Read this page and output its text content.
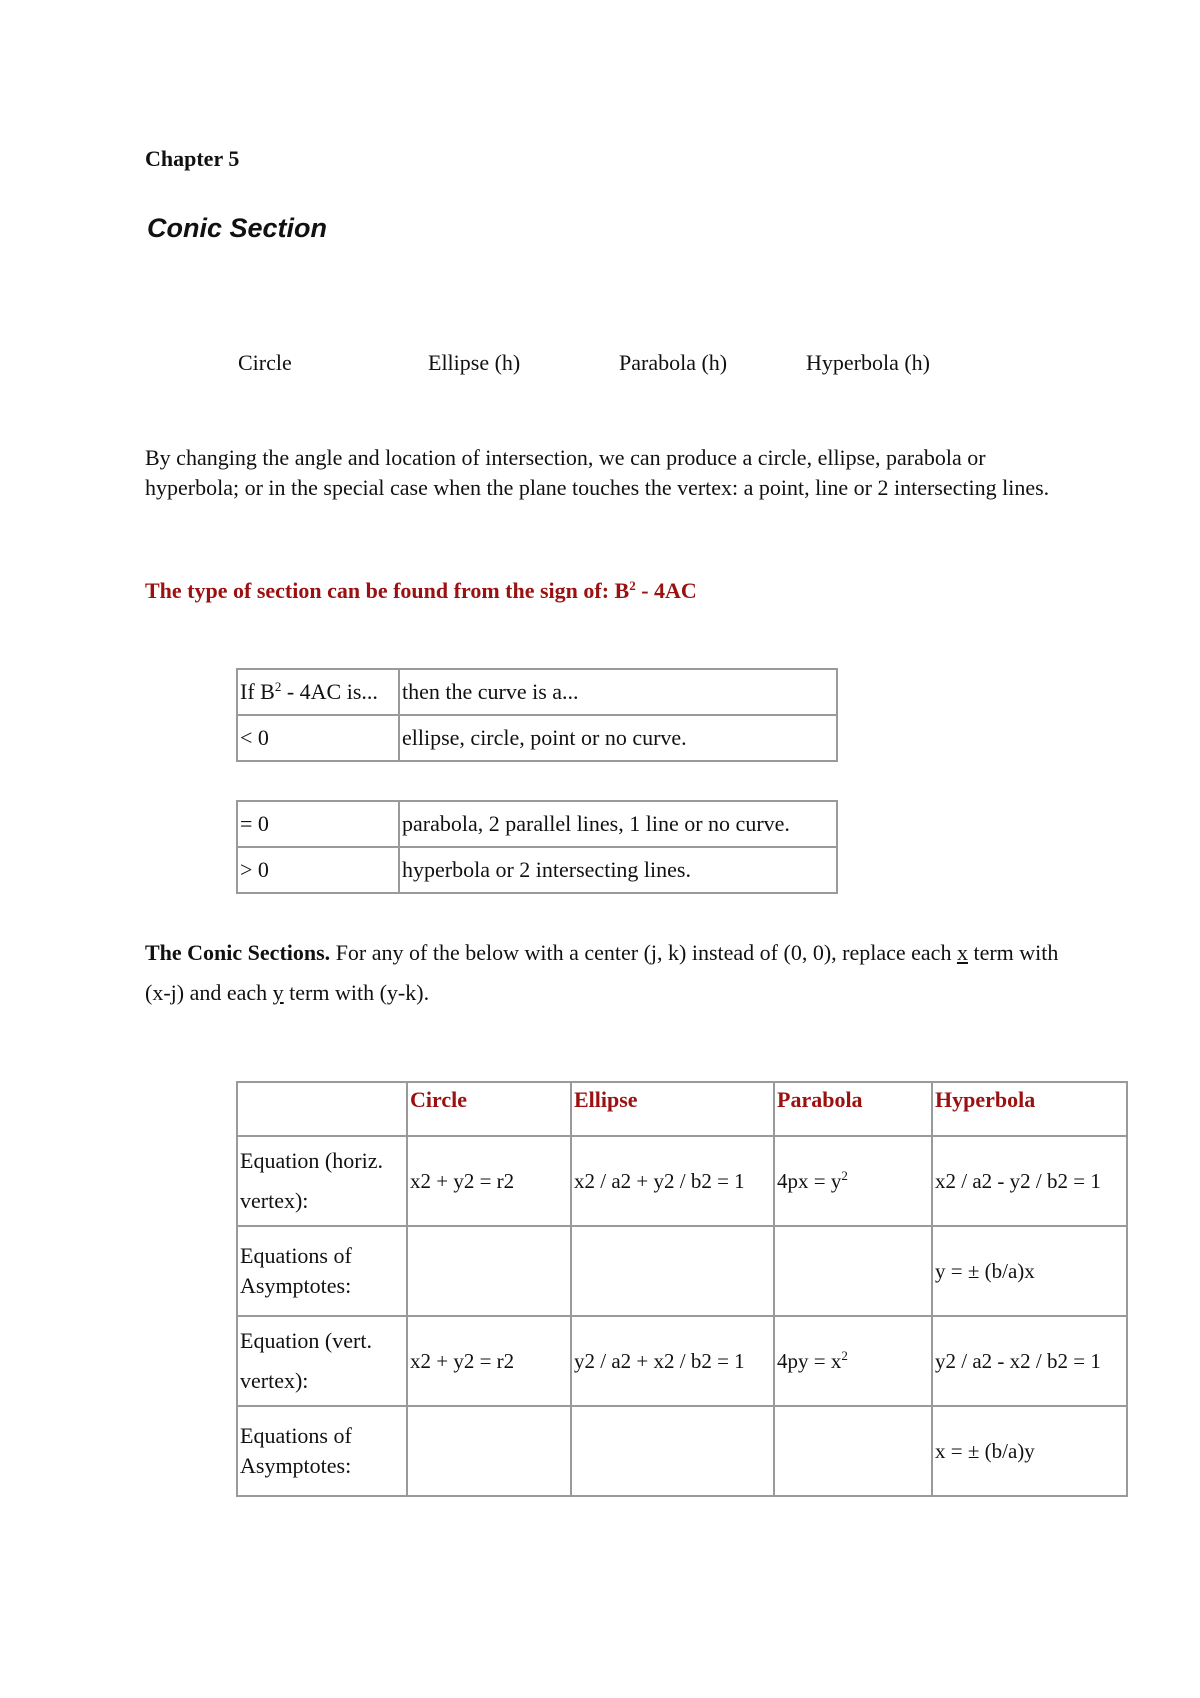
Chapter 5
Conic Section
Circle	Ellipse (h)	Parabola (h)	Hyperbola (h)
By changing the angle and location of intersection, we can produce a circle, ellipse, parabola or hyperbola; or in the special case when the plane touches the vertex: a point, line or 2 intersecting lines.
The type of section can be found from the sign of: $B^2 - 4AC$
If $B^2 - 4AC$ is...	then the curve is a...
< 0	ellipse, circle, point or no curve.
= 0	parabola, 2 parallel lines, 1 line or no curve.
> 0	hyperbola or 2 intersecting lines.
The Conic Sections. For any of the below with a center (j, k) instead of (0, 0), replace each x term with (x-j) and each y term with (y-k).
	Circle	Ellipse	Parabola	Hyperbola
Equation (horiz. vertex):	x2 + y2 = r2	x2 / a2 + y2 / b2 = 1	$4px = y^2$	x2 / a2 - y2 / b2 = 1
Equations of Asymptotes:				y = ± (b/a)x
Equation (vert. vertex):	x2 + y2 = r2	y2 / a2 + x2 / b2 = 1	$4py = x^2$	y2 / a2 - x2 / b2 = 1
Equations of Asymptotes:				x = ± (b/a)y
